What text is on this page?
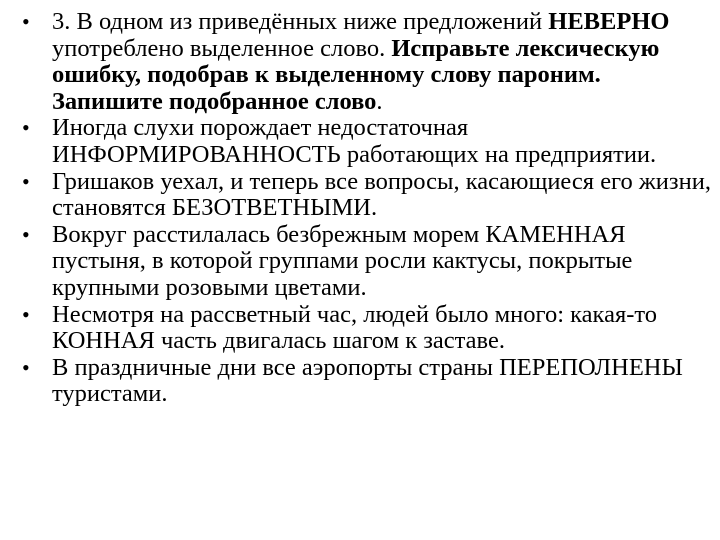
• 3. В одном из приведённых ниже предложений НЕВЕРНО употреблено выделенное слово. Исправьте лексическую ошибку, подобрав к выделенному слову пароним. Запишите подобранное слово.
• Иногда слухи порождает недостаточная ИНФОРМИРОВАННОСТЬ работающих на предприятии.
• Гришаков уехал, и теперь все вопросы, касающиеся его жизни, становятся БЕЗОТВЕТНЫМИ.
• Вокруг расстилалась безбрежным морем КАМЕННАЯ пустыня, в которой группами росли кактусы, покрытые крупными розовыми цветами.
• Несмотря на рассветный час, людей было много: какая-то КОННАЯ часть двигалась шагом к заставе.
• В праздничные дни все аэропорты страны ПЕРЕПОЛНЕНЫ туристами.
